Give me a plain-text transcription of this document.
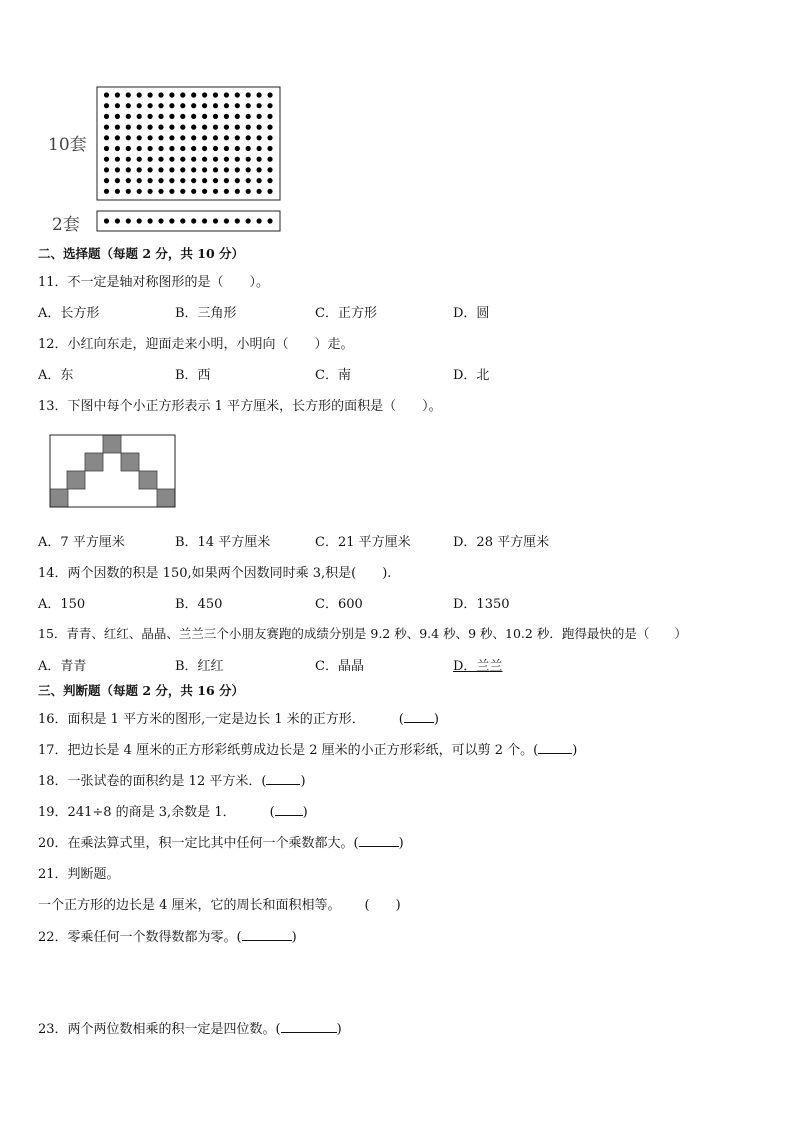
10套
2套
二、选择题（每题 2 分，共 10 分）
11．不一定是轴对称图形的是（　　）。
A．长方形	B．三角形	C．正方形	D．圆
12．小红向东走，迎面走来小明，小明向（　　）走。
A．东	B．西	C．南	D．北
13．下图中每个小正方形表示 1 平方厘米，长方形的面积是（　　）。
A．7 平方厘米	B．14 平方厘米	C．21 平方厘米	D．28 平方厘米
14．两个因数的积是 150,如果两个因数同时乘 3,积是(　　).
A．150	B．450	C．600	D．1350
15．青青、红红、晶晶、兰兰三个小朋友赛跑的成绩分别是 9.2 秒、9.4 秒、9 秒、10.2 秒．跑得最快的是（　　）
A．青青	B．红红	C．晶晶	D．兰兰
三、判断题（每题 2 分，共 16 分）
16．面积是 1 平方米的图形,一定是边长 1 米的正方形．	( )
17．把边长是 4 厘米的正方形彩纸剪成边长是 2 厘米的小正方形彩纸，可以剪 2 个。(	)
18．一张试卷的面积约是 12 平方米．(	)
19．241÷8 的商是 3,余数是 1．	( )
20．在乘法算式里，积一定比其中任何一个乘数都大。(	)
21．判断题。
一个正方形的边长是 4 厘米，它的周长和面积相等。 (　　)
22．零乘任何一个数得数都为零。(	)
23．两个两位数相乘的积一定是四位数。(	)
